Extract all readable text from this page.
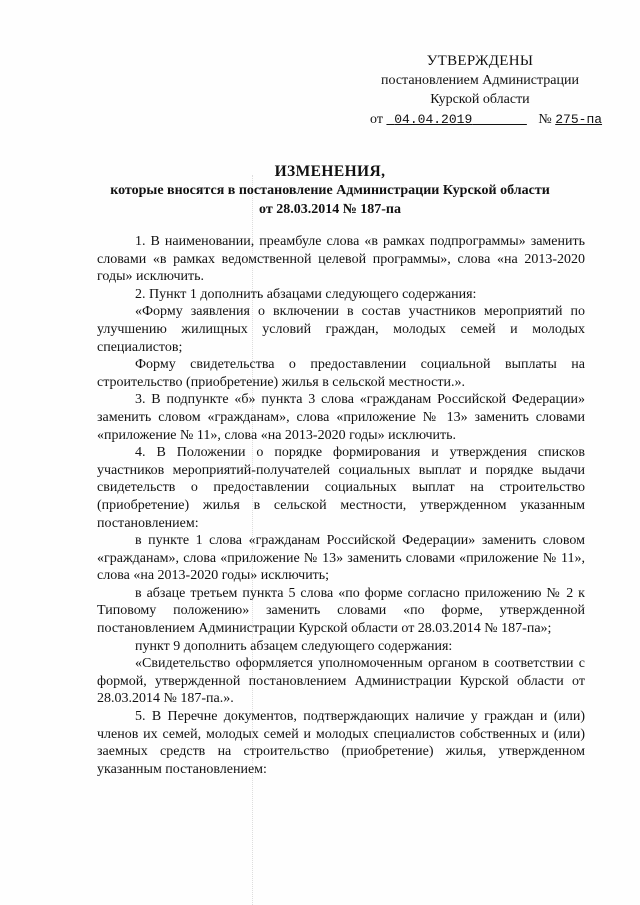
УТВЕРЖДЕНЫ
постановлением Администрации
Курской области
от 04.04.2019	№ 275-па
ИЗМЕНЕНИЯ,
которые вносятся в постановление Администрации Курской области
от 28.03.2014 № 187-па

1. В наименовании, преамбуле слова «в рамках подпрограммы» заменить словами «в рамках ведомственной целевой программы», слова «на 2013-2020 годы» исключить.

2. Пункт 1 дополнить абзацами следующего содержания:

«Форму заявления о включении в состав участников мероприятий по улучшению жилищных условий граждан, молодых семей и молодых специалистов;

Форму свидетельства о предоставлении социальной выплаты на строительство (приобретение) жилья в сельской местности.».

3. В подпункте «б» пункта 3 слова «гражданам Российской Федерации» заменить словом «гражданам», слова «приложение № 13» заменить словами «приложение № 11», слова «на 2013-2020 годы» исключить.

4. В Положении о порядке формирования и утверждения списков участников мероприятий-получателей социальных выплат и порядке выдачи свидетельств о предоставлении социальных выплат на строительство (приобретение) жилья в сельской местности, утвержденном указанным постановлением:

в пункте 1 слова «гражданам Российской Федерации» заменить словом «гражданам», слова «приложение № 13» заменить словами «приложение № 11», слова «на 2013-2020 годы» исключить;

в абзаце третьем пункта 5 слова «по форме согласно приложению № 2 к Типовому положению» заменить словами «по форме, утвержденной постановлением Администрации Курской области от 28.03.2014 № 187-па»;

пункт 9 дополнить абзацем следующего содержания:

«Свидетельство оформляется уполномоченным органом в соответствии с формой, утвержденной постановлением Администрации Курской области от 28.03.2014 № 187-па.».

5. В Перечне документов, подтверждающих наличие у граждан и (или) членов их семей, молодых семей и молодых специалистов собственных и (или) заемных средств на строительство (приобретение) жилья, утвержденном указанным постановлением:
